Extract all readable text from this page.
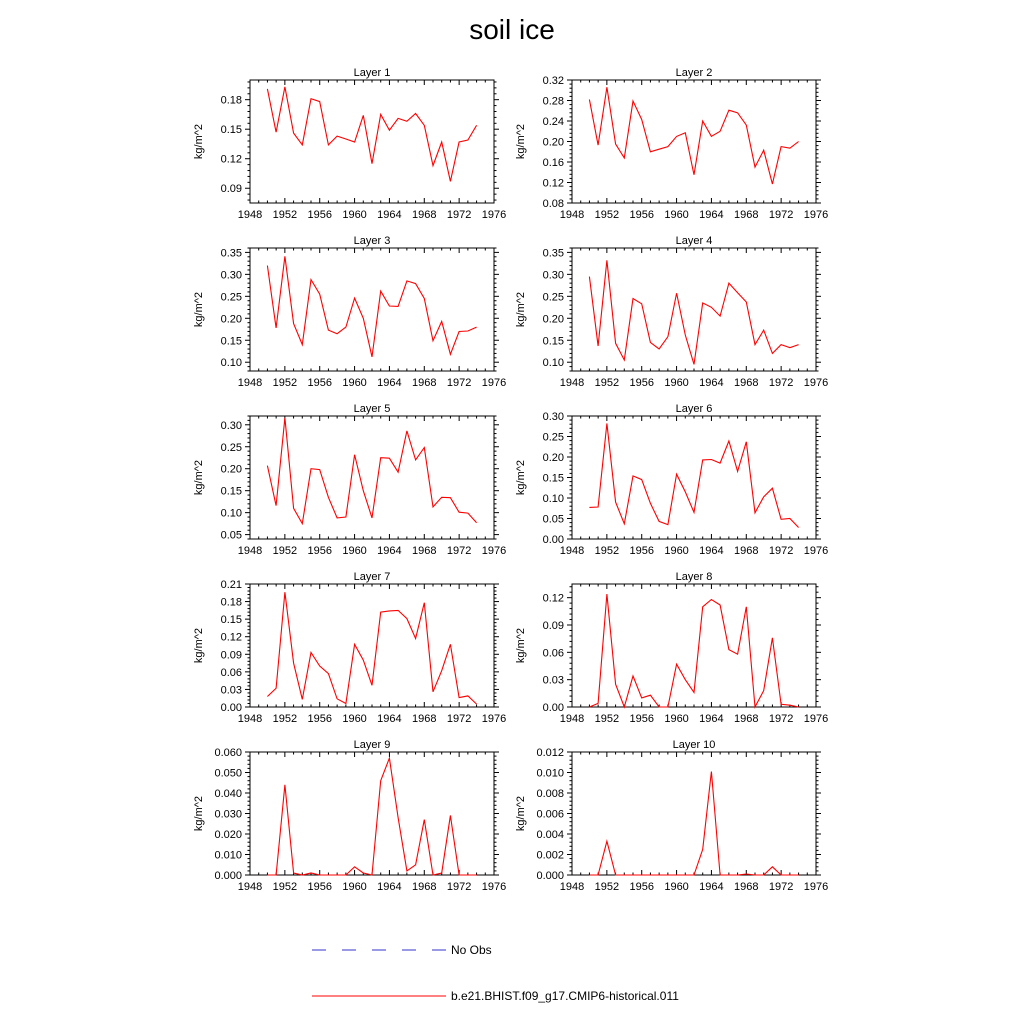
soil ice
Layer 1
1948 1952 1956 1960 1964 1968 1972 1976
0.09
0.12
0.15
0.18
kg/m^2
Layer 2
1948 1952 1956 1960 1964 1968 1972 1976
0.08
0.12
0.16
0.20
0.24
0.28
0.32
kg/m^2
Layer 3
1948 1952 1956 1960 1964 1968 1972 1976
0.10
0.15
0.20
0.25
0.30
0.35
kg/m^2
Layer 4
1948 1952 1956 1960 1964 1968 1972 1976
0.10
0.15
0.20
0.25
0.30
0.35
kg/m^2
Layer 5
1948 1952 1956 1960 1964 1968 1972 1976
0.05
0.10
0.15
0.20
0.25
0.30
kg/m^2
Layer 6
1948 1952 1956 1960 1964 1968 1972 1976
0.00
0.05
0.10
0.15
0.20
0.25
0.30
kg/m^2
Layer 7
1948 1952 1956 1960 1964 1968 1972 1976
0.00
0.03
0.06
0.09
0.12
0.15
0.18
0.21
kg/m^2
Layer 8
1948 1952 1956 1960 1964 1968 1972 1976
0.00
0.03
0.06
0.09
0.12
kg/m^2
Layer 9
1948 1952 1956 1960 1964 1968 1972 1976
0.000
0.010
0.020
0.030
0.040
0.050
0.060
kg/m^2
Layer 10
1948 1952 1956 1960 1964 1968 1972 1976
0.000
0.002
0.004
0.006
0.008
0.010
0.012
kg/m^2
No Obs
b.e21.BHIST.f09_g17.CMIP6-historical.011
